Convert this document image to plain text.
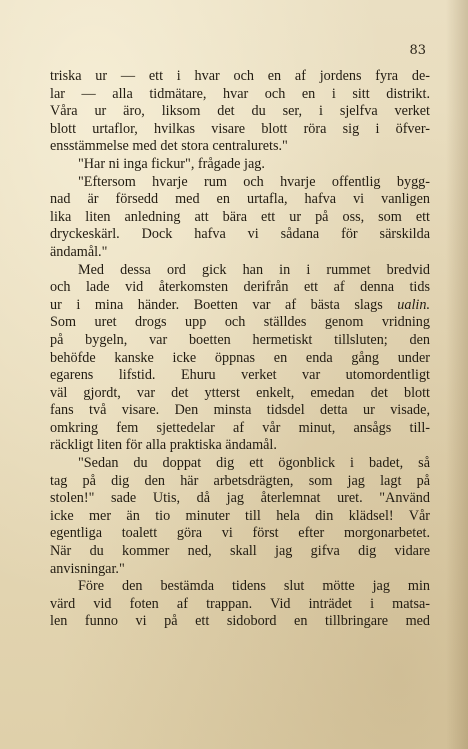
83
triska ur — ett i hvar och en af jordens fyra de-
lar — alla tidmätare, hvar och en i sitt distrikt.
Våra ur äro, liksom det du ser, i sjelfva verket
blott urtaflor, hvilkas visare blott röra sig i öfver-
ensstämmelse med det stora centralurets."
"Har ni inga fickur", frågade jag.
"Eftersom hvarje rum och hvarje offentlig bygg-
nad är försedd med en urtafla, hafva vi vanligen
lika liten anledning att bära ett ur på oss, som ett
dryckeskärl. Dock hafva vi sådana för särskilda
ändamål."
Med dessa ord gick han in i rummet bredvid
och lade vid återkomsten derifrån ett af denna tids
ur i mina händer. Boetten var af bästa slags ualin.
Som uret drogs upp och ställdes genom vridning
på bygeln, var boetten hermetiskt tillsluten; den
behöfde kanske icke öppnas en enda gång under
egarens lifstid. Ehuru verket var utomordentligt
väl gjordt, var det ytterst enkelt, emedan det blott
fans två visare. Den minsta tidsdel detta ur visade,
omkring fem sjettedelar af vår minut, ansågs till-
räckligt liten för alla praktiska ändamål.
"Sedan du doppat dig ett ögonblick i badet, så
tag på dig den här arbetsdrägten, som jag lagt på
stolen!" sade Utis, då jag återlemnat uret. "Använd
icke mer än tio minuter till hela din klädsel! Vår
egentliga toalett göra vi först efter morgonarbetet.
När du kommer ned, skall jag gifva dig vidare
anvisningar."
Före den bestämda tidens slut mötte jag min
värd vid foten af trappan. Vid inträdet i matsa-
len funno vi på ett sidobord en tillbringare med
